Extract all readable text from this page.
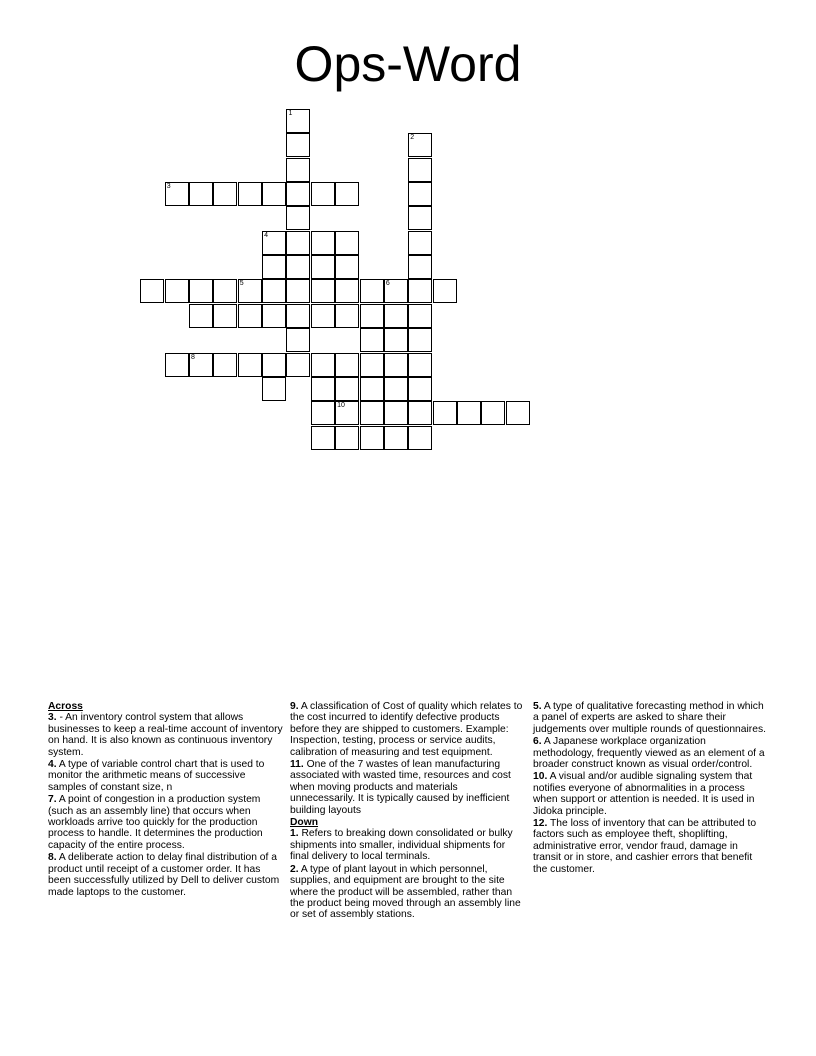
Ops-Word
1
2
3
4
5	6
8
10
Across
3. - An inventory control system that allows businesses to keep a real-time account of inventory on hand. It is also known as continuous inventory system.
4. A type of variable control chart that is used to monitor the arithmetic means of successive samples of constant size, n
7. A point of congestion in a production system (such as an assembly line) that occurs when workloads arrive too quickly for the production process to handle. It determines the production capacity of the entire process.
8. A deliberate action to delay final distribution of a product until receipt of a customer order. It has been successfully utilized by Dell to deliver custom made laptops to the customer.
9. A classification of Cost of quality which relates to the cost incurred to identify defective products before they are shipped to customers. Example: Inspection, testing, process or service audits, calibration of measuring and test equipment.
11. One of the 7 wastes of lean manufacturing associated with wasted time, resources and cost when moving products and materials unnecessarily. It is typically caused by inefficient building layouts
Down
1. Refers to breaking down consolidated or bulky shipments into smaller, individual shipments for final delivery to local terminals.
2. A type of plant layout in which personnel, supplies, and equipment are brought to the site where the product will be assembled, rather than the product being moved through an assembly line or set of assembly stations.
5. A type of qualitative forecasting method in which a panel of experts are asked to share their judgements over multiple rounds of questionnaires.
6. A Japanese workplace organization methodology, frequently viewed as an element of a broader construct known as visual order/control.
10. A visual and/or audible signaling system that notifies everyone of abnormalities in a process when support or attention is needed. It is used in Jidoka principle.
12. The loss of inventory that can be attributed to factors such as employee theft, shoplifting, administrative error, vendor fraud, damage in transit or in store, and cashier errors that benefit the customer.
